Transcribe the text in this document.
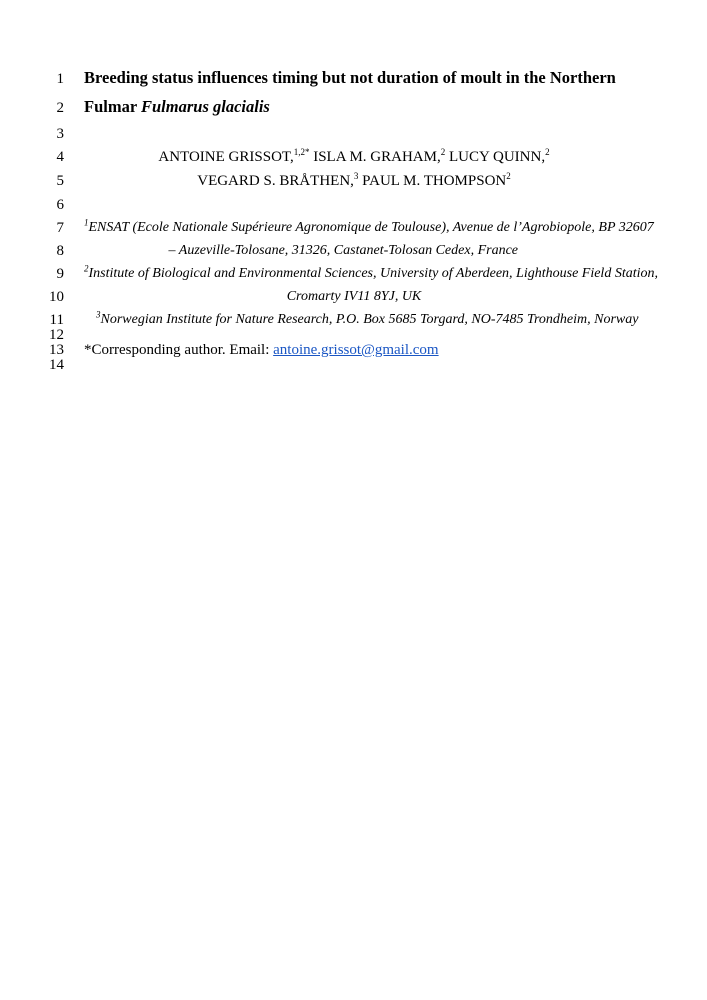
1
2
3
4
5
6
7
8
9
10
11
12
13
14
Breeding status influences timing but not duration of moult in the Northern
Fulmar Fulmarus glacialis
ANTOINE GRISSOT,$^{1,2*}$ ISLA M. GRAHAM,$^2$ LUCY QUINN,$^2$
VEGARD S. BRÅTHEN,$^3$ PAUL M. THOMPSON$^2$
$^1$ENSAT (Ecole Nationale Supérieure Agronomique de Toulouse), Avenue de l’Agrobiopole, BP 32607
– Auzeville-Tolosane, 31326, Castanet-Tolosan Cedex, France
$^2$Institute of Biological and Environmental Sciences, University of Aberdeen, Lighthouse Field Station,
Cromarty IV11 8YJ, UK
$^3$Norwegian Institute for Nature Research, P.O. Box 5685 Torgard, NO-7485 Trondheim, Norway
*Corresponding author. Email: antoine.grissot@gmail.com
